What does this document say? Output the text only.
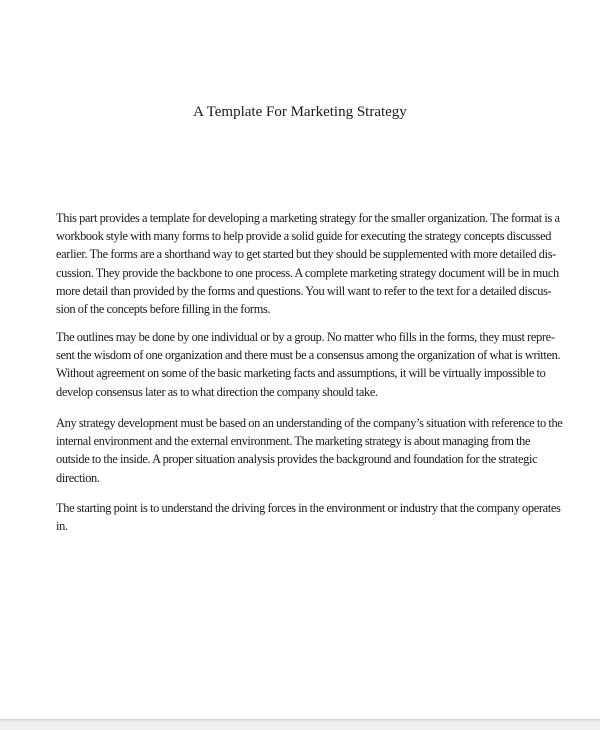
A Template For Marketing Strategy

This part provides a template for developing a marketing strategy for the smaller organization. The format is a
workbook style with many forms to help provide a solid guide for executing the strategy concepts discussed
earlier. The forms are a shorthand way to get started but they should be supplemented with more detailed dis-
cussion. They provide the backbone to one process. A complete marketing strategy document will be in much
more detail than provided by the forms and questions. You will want to refer to the text for a detailed discus-
sion of the concepts before filling in the forms.

The outlines may be done by one individual or by a group. No matter who fills in the forms, they must repre-
sent the wisdom of one organization and there must be a consensus among the organization of what is written.
Without agreement on some of the basic marketing facts and assumptions, it will be virtually impossible to
develop consensus later as to what direction the company should take.

Any strategy development must be based on an understanding of the company’s situation with reference to the
internal environment and the external environment. The marketing strategy is about managing from the
outside to the inside. A proper situation analysis provides the background and foundation for the strategic
direction.

The starting point is to understand the driving forces in the environment or industry that the company operates
in.
